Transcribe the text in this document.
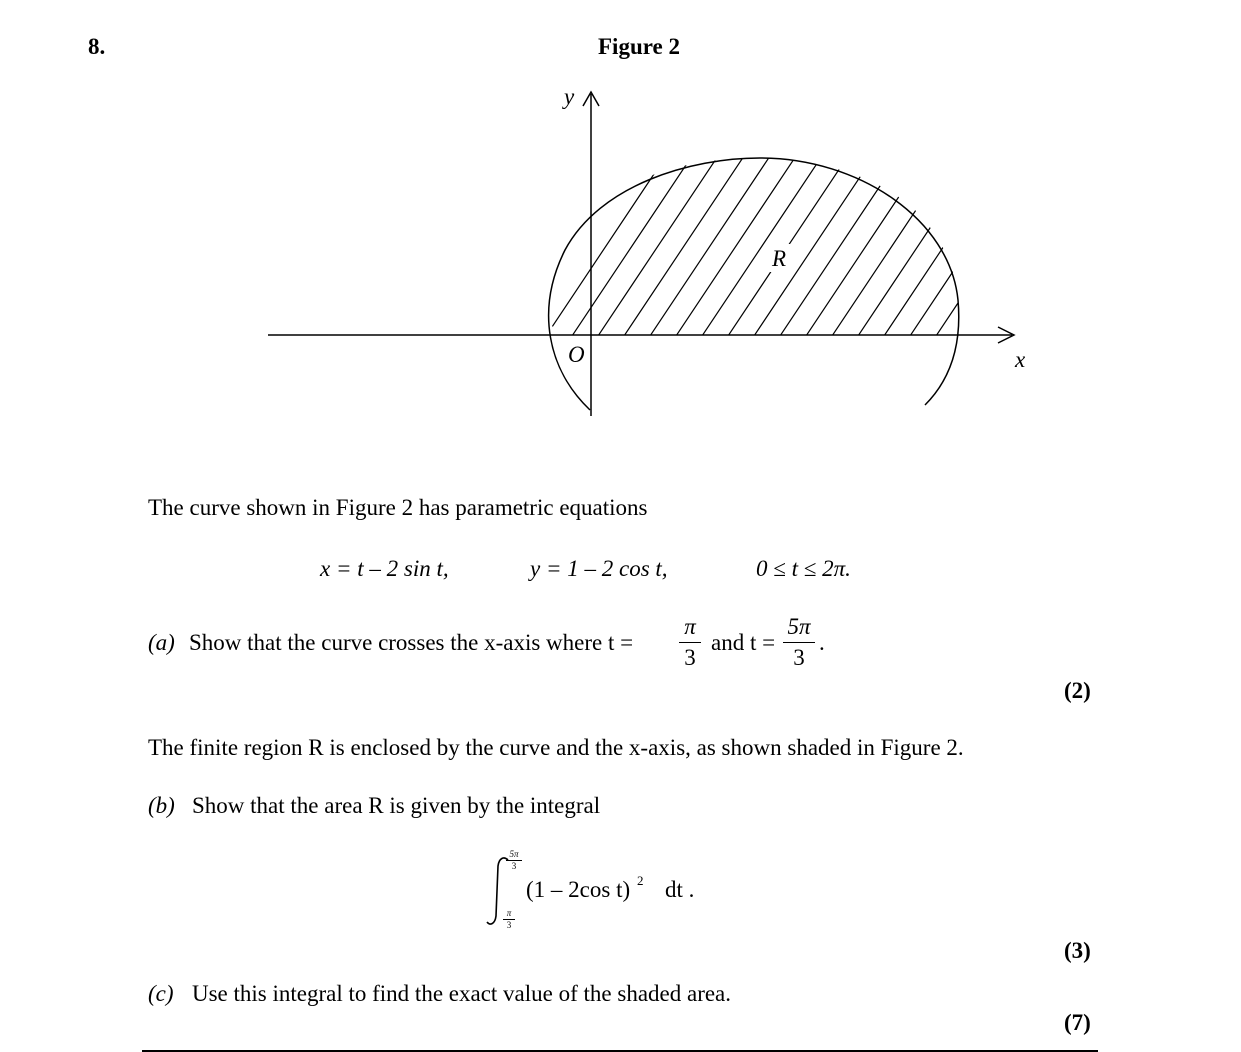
8.	Figure 2
y
x
O
R
The curve shown in Figure 2 has parametric equations
x = t – 2 sin t,	y = 1 – 2 cos t,	0 ≤ t ≤ 2π.
(a) Show that the curve crosses the x-axis where t =
π
3
and t =
5π
3
.
(2)
The finite region R is enclosed by the curve and the x-axis, as shown shaded in Figure 2.
(b) Show that the area R is given by the integral
5π
3
π
3
(1 – 2cos t) 2 dt .
(3)
(c) Use this integral to find the exact value of the shaded area.
(7)
